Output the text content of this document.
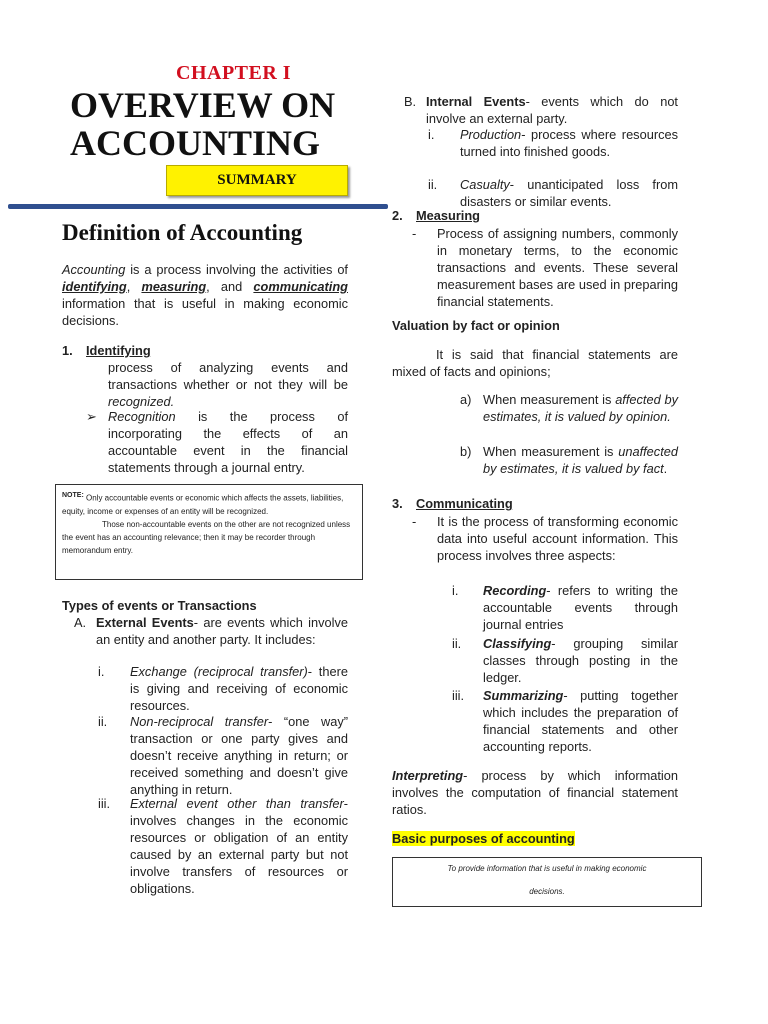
CHAPTER I
OVERVIEW ON
ACCOUNTING
SUMMARY
Definition of Accounting
Accounting is a process involving the activities of identifying, measuring, and communicating information that is useful in making economic decisions.
1. Identifying
process of analyzing events and transactions whether or not they will be recognized.
➢ Recognition is the process of incorporating the effects of an accountable event in the financial statements through a journal entry.
$^{NOTE:}$ Only accountable events or economic which affects the assets, liabilities, equity, income or expenses of an entity will be recognized.
Those non-accountable events on the other are not recognized unless the event has an accounting relevance; then it may be recorder through memorandum entry.
Types of events or Transactions
A. External Events- are events which involve an entity and another party. It includes:
i.	Exchange (reciprocal transfer)- there is giving and receiving of economic resources.
ii.	Non-reciprocal transfer- “one way” transaction or one party gives and doesn’t receive anything in return; or received something and doesn’t give anything in return.
iii.	External event other than transfer- involves changes in the economic resources or obligation of an entity caused by an external party but not involve transfers of resources or obligations.
B. Internal Events- events which do not involve an external party.
i.	Production- process where resources turned into finished goods.
ii.	Casualty- unanticipated loss from disasters or similar events.
2. Measuring
-	Process of assigning numbers, commonly in monetary terms, to the economic transactions and events. These several measurement bases are used in preparing financial statements.
Valuation by fact or opinion
It is said that financial statements are mixed of facts and opinions;
a) When measurement is affected by estimates, it is valued by opinion.
b) When measurement is unaffected by estimates, it is valued by fact.
3. Communicating
-	It is the process of transforming economic data into useful account information. This process involves three aspects:
i.	Recording- refers to writing the accountable events through journal entries
ii.	Classifying- grouping similar classes through posting in the ledger.
iii.	Summarizing- putting together which includes the preparation of financial statements and other accounting reports.
Interpreting- process by which information involves the computation of financial statement ratios.
Basic purposes of accounting
To provide information that is useful in making economic
decisions.
